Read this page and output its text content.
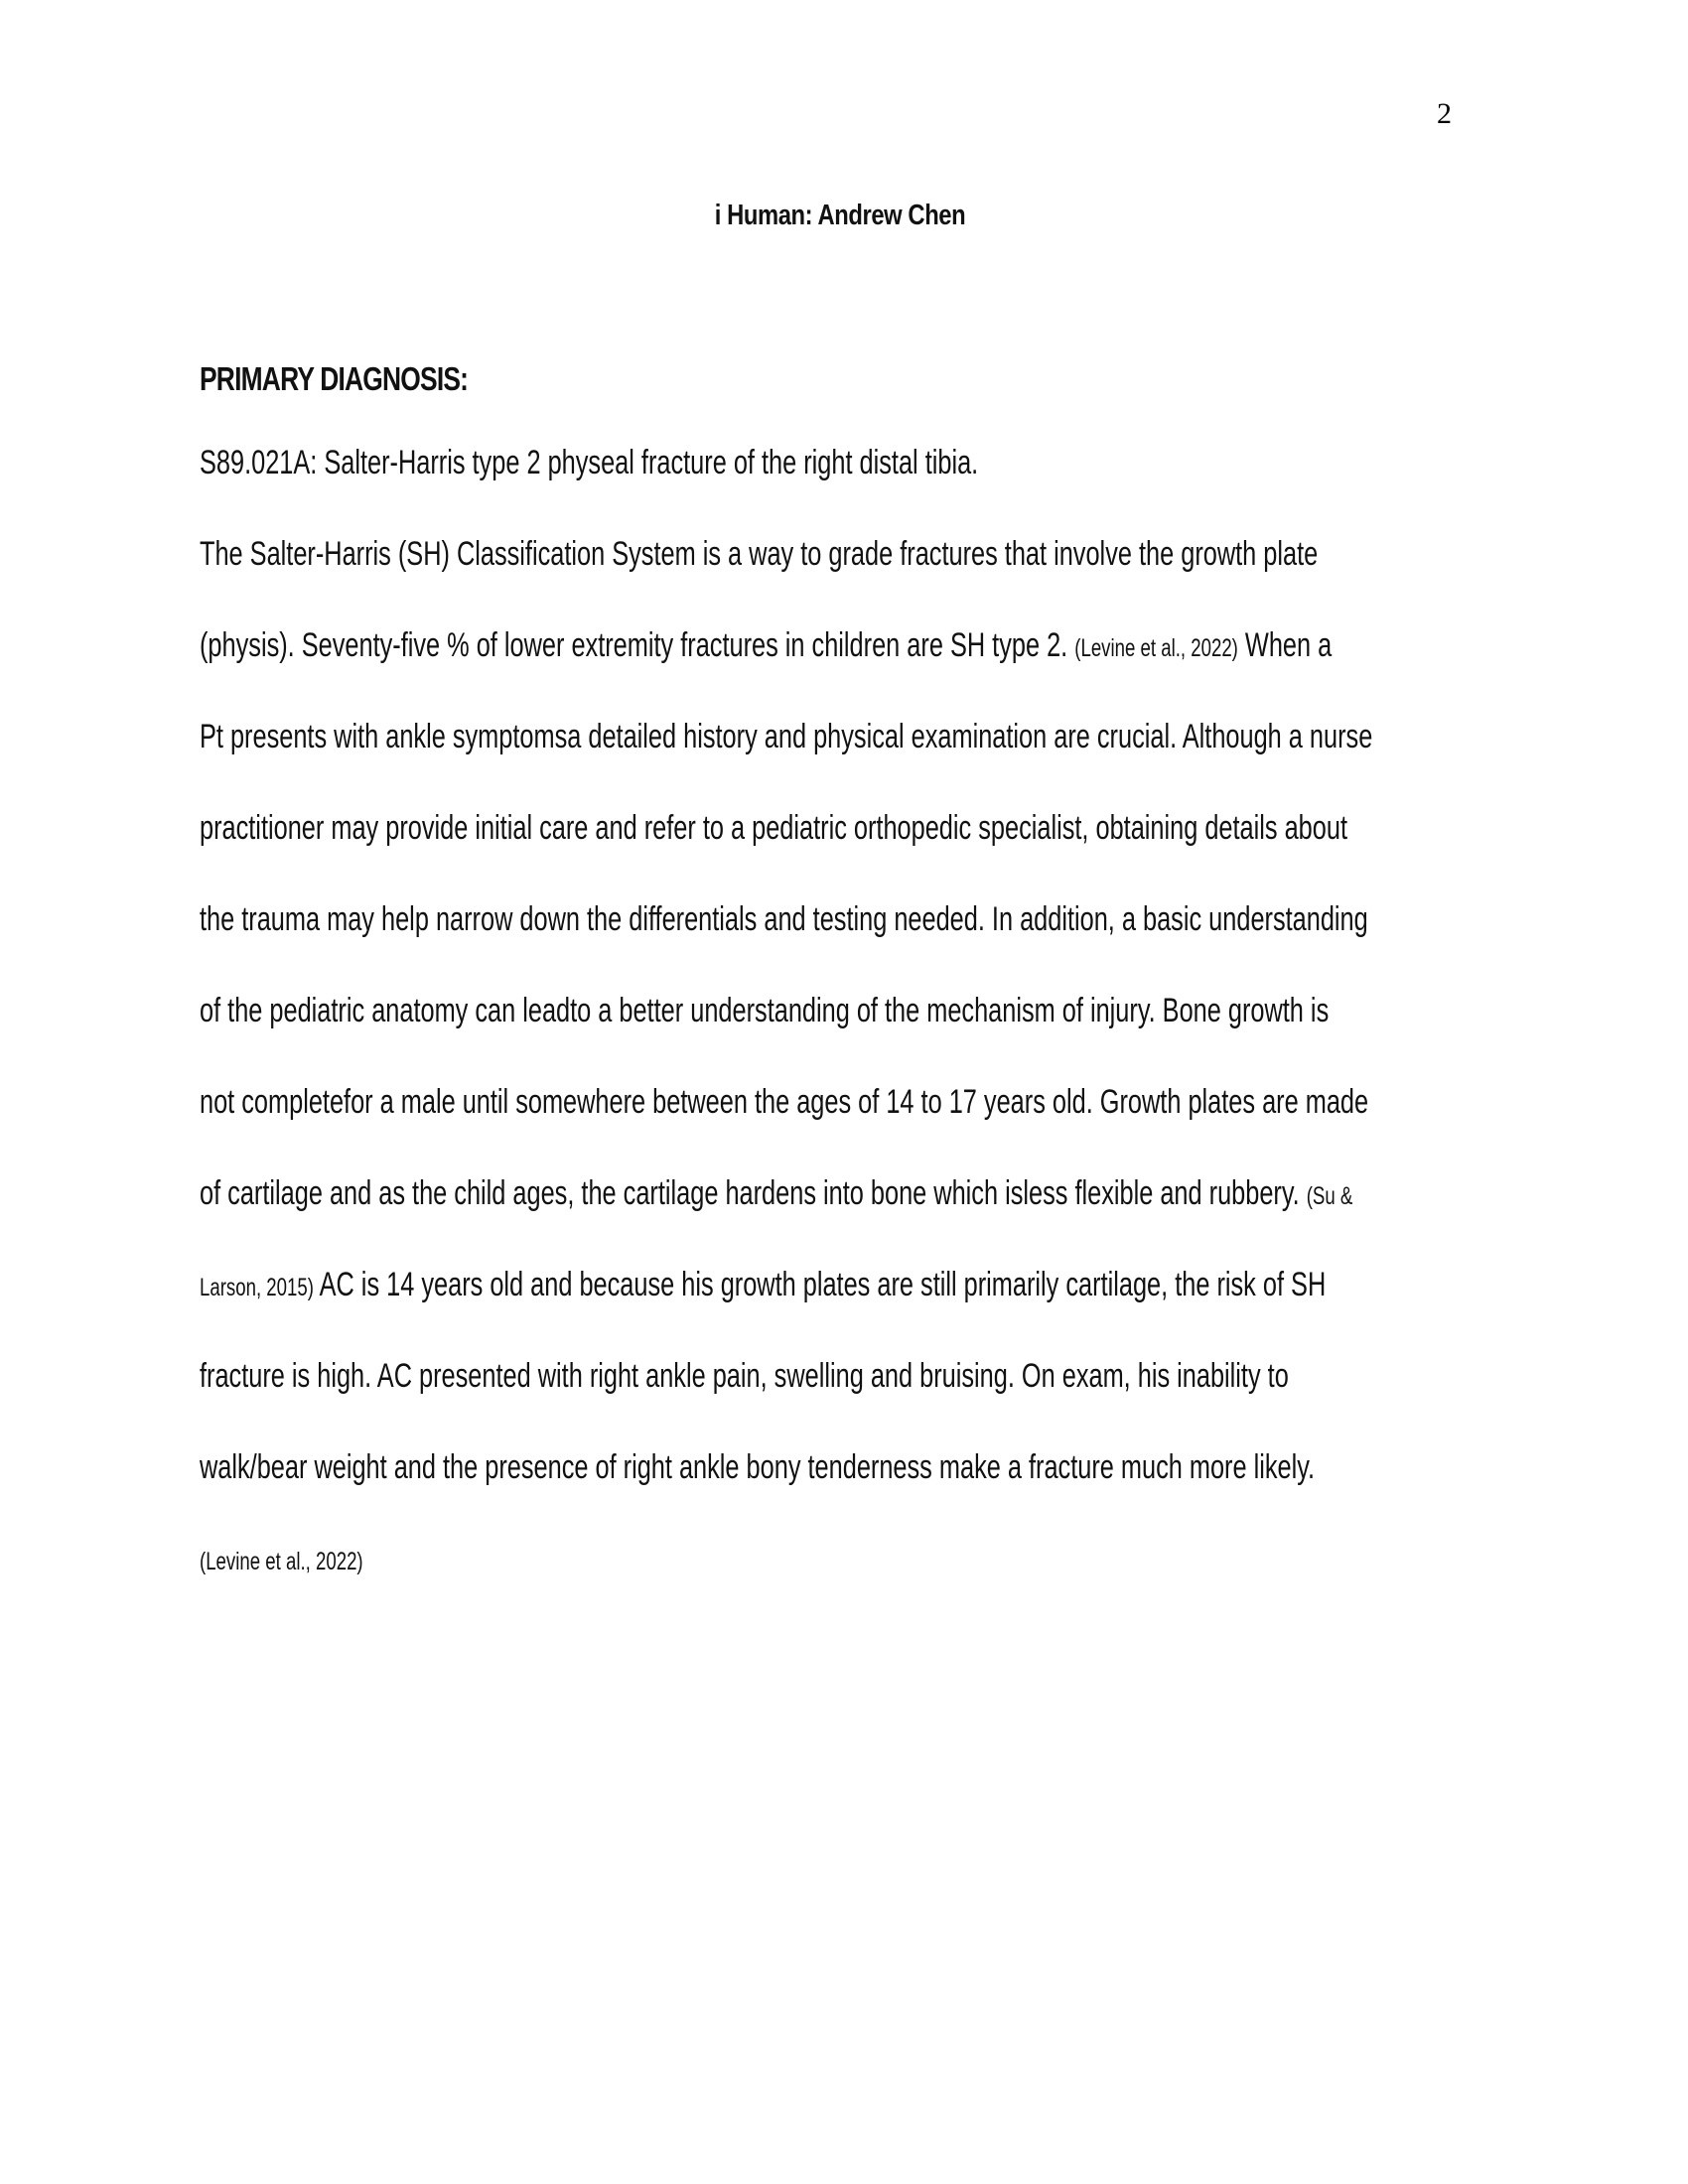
2
i Human: Andrew Chen
PRIMARY DIAGNOSIS:
S89.021A: Salter-Harris type 2 physeal fracture of the right distal tibia.
The Salter-Harris (SH) Classification System is a way to grade fractures that involve the growth plate
(physis). Seventy-five % of lower extremity fractures in children are SH type 2. (Levine et al., 2022) When a
Pt presents with ankle symptomsa detailed history and physical examination are crucial. Although a nurse
practitioner may provide initial care and refer to a pediatric orthopedic specialist, obtaining details about
the trauma may help narrow down the differentials and testing needed. In addition, a basic understanding
of the pediatric anatomy can leadto a better understanding of the mechanism of injury. Bone growth is
not completefor a male until somewhere between the ages of 14 to 17 years old. Growth plates are made
of cartilage and as the child ages, the cartilage hardens into bone which isless flexible and rubbery. (Su &
Larson, 2015) AC is 14 years old and because his growth plates are still primarily cartilage, the risk of SH
fracture is high. AC presented with right ankle pain, swelling and bruising. On exam, his inability to
walk/bear weight and the presence of right ankle bony tenderness make a fracture much more likely.
(Levine et al., 2022)
